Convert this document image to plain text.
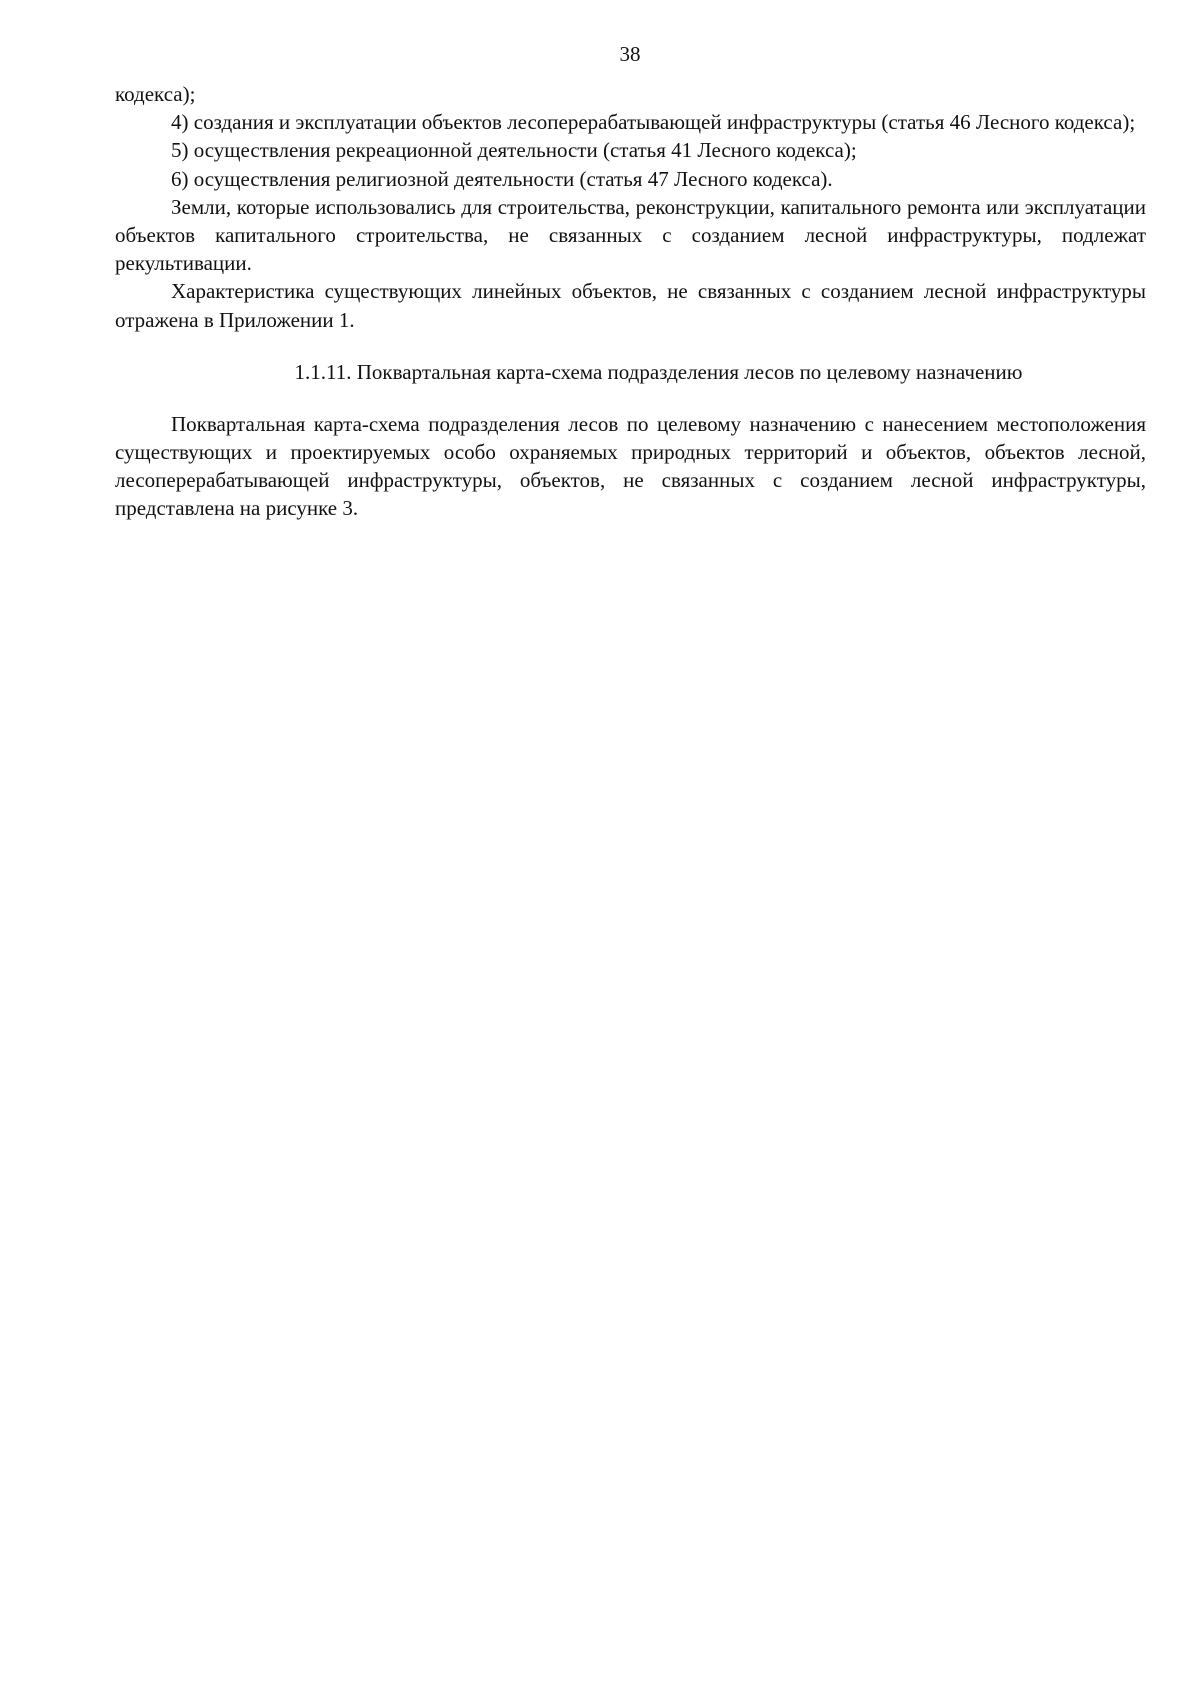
38

кодекса);

4) создания и эксплуатации объектов лесоперерабатывающей инфраструктуры (статья 46 Лесного кодекса);

5) осуществления рекреационной деятельности (статья 41 Лесного кодекса);

6) осуществления религиозной деятельности (статья 47 Лесного кодекса).

Земли, которые использовались для строительства, реконструкции, капитального ремонта или эксплуатации объектов капитального строительства, не связанных с созданием лесной инфраструктуры, подлежат рекультивации.

Характеристика существующих линейных объектов, не связанных с созданием лесной инфраструктуры отражена в Приложении 1.

1.1.11. Поквартальная карта-схема подразделения лесов по целевому назначению

Поквартальная карта-схема подразделения лесов по целевому назначению с нанесением местоположения существующих и проектируемых особо охраняемых природных территорий и объектов, объектов лесной, лесоперерабатывающей инфраструктуры, объектов, не связанных с созданием лесной инфраструктуры, представлена на рисунке 3.
